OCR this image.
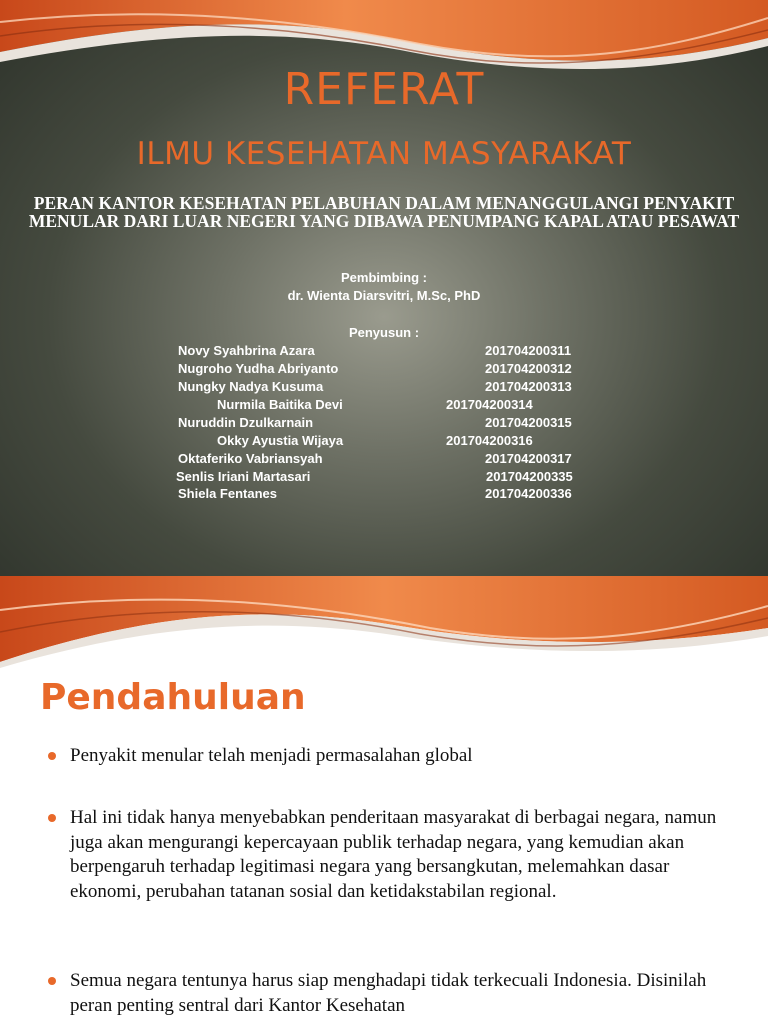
REFERAT
ILMU KESEHATAN MASYARAKAT

PERAN KANTOR KESEHATAN PELABUHAN DALAM MENANGGULANGI PENYAKIT MENULAR DARI LUAR NEGERI YANG DIBAWA PENUMPANG KAPAL ATAU PESAWAT

Pembimbing :
dr. Wienta Diarsvitri, M.Sc, PhD
Penyusun :
Novy Syahbrina Azara	201704200311
Nugroho Yudha Abriyanto	201704200312
Nungky Nadya Kusuma	201704200313
Nurmila Baitika Devi	201704200314
Nuruddin Dzulkarnain	201704200315
Okky Ayustia Wijaya	201704200316
Oktaferiko Vabriansyah	201704200317
Senlis Iriani Martasari	201704200335
Shiela Fentanes	201704200336
Pendahuluan

Penyakit menular telah menjadi permasalahan global

Hal ini tidak hanya menyebabkan penderitaan masyarakat di berbagai negara, namun juga akan mengurangi kepercayaan publik terhadap negara, yang kemudian akan berpengaruh terhadap legitimasi negara yang bersangkutan, melemahkan dasar ekonomi, perubahan tatanan sosial dan ketidakstabilan regional.

Semua negara tentunya harus siap menghadapi tidak terkecuali Indonesia. Disinilah peran penting sentral dari Kantor Kesehatan
